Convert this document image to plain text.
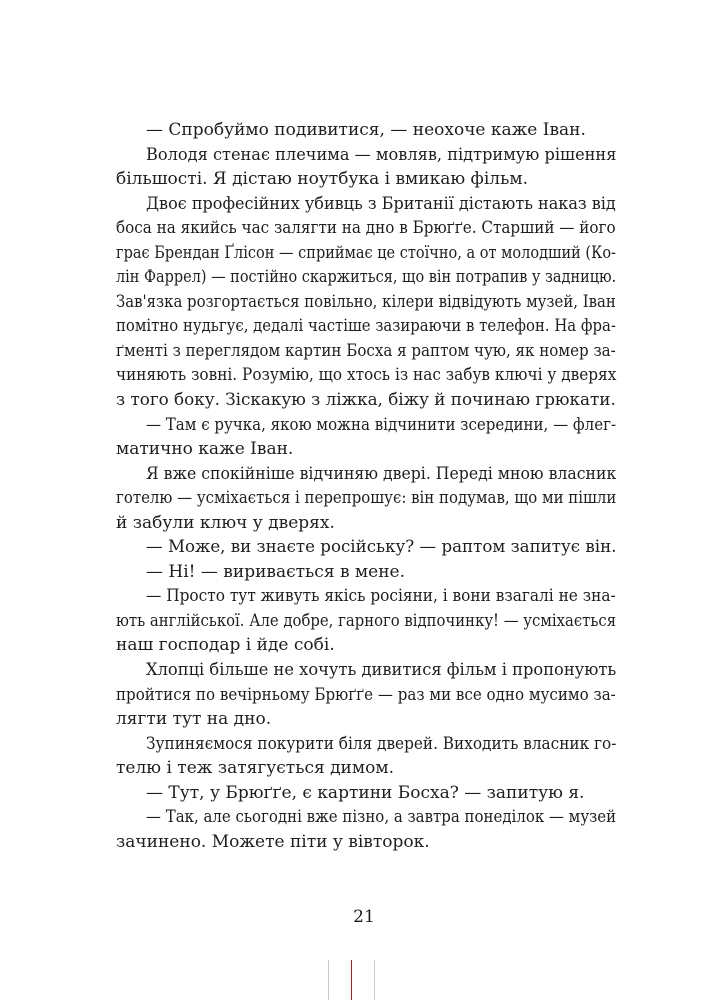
— Спробуймо подивитися, — неохоче каже Іван.
Володя стенає плечима — мовляв, підтримую рішення
більшості. Я дістаю ноутбука і вмикаю фільм.
Двоє професійних убивць з Британії дістають наказ від
боса на якийсь час залягти на дно в Брюґґе. Старший — його
грає Брендан Ґлісон — сприймає це стоїчно, а от молодший (Ко-
лін Фаррел) — постійно скаржиться, що він потрапив у задницю.
Зав'язка розгортається повільно, кілери відвідують музей, Іван
помітно нудьгує, дедалі частіше зазираючи в телефон. На фра-
ґменті з переглядом картин Босха я раптом чую, як номер за-
чиняють зовні. Розумію, що хтось із нас забув ключі у дверях
з того боку. Зіскакую з ліжка, біжу й починаю грюкати.
— Там є ручка, якою можна відчинити зсередини, — флег-
матично каже Іван.
Я вже спокійніше відчиняю двері. Переді мною власник
готелю — усміхається і перепрошує: він подумав, що ми пішли
й забули ключ у дверях.
— Може, ви знаєте російську? — раптом запитує він.
— Ні! — виривається в мене.
— Просто тут живуть якісь росіяни, і вони взагалі не зна-
ють англійської. Але добре, гарного відпочинку! — усміхається
наш господар і йде собі.
Хлопці більше не хочуть дивитися фільм і пропонують
пройтися по вечірньому Брюґґе — раз ми все одно мусимо за-
лягти тут на дно.
Зупиняємося покурити біля дверей. Виходить власник го-
телю і теж затягується димом.
— Тут, у Брюґґе, є картини Босха? — запитую я.
— Так, але сьогодні вже пізно, а завтра понеділок — музей
зачинено. Можете піти у вівторок.
21
